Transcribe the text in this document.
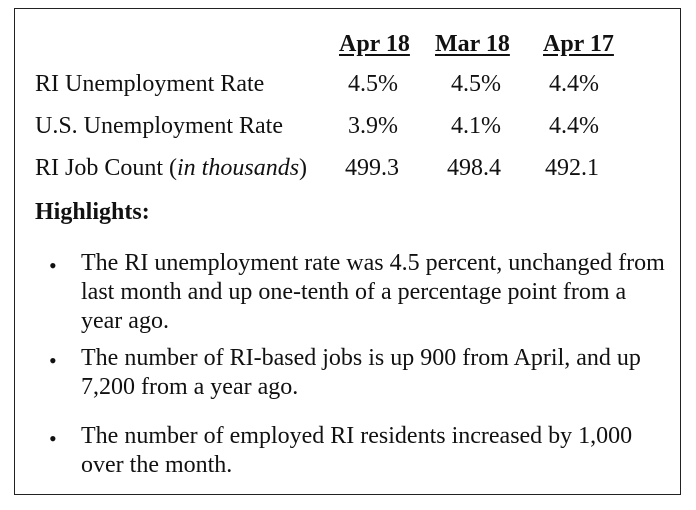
Apr 18 Mar 18 Apr 17
RI Unemployment Rate	4.5% 4.5% 4.4%
U.S. Unemployment Rate	3.9% 4.1% 4.4%
RI Job Count (in thousands) 499.3 498.4 492.1
Highlights:
• The RI unemployment rate was 4.5 percent, unchanged from last month and up one-tenth of a percentage point from a year ago.
• The number of RI-based jobs is up 900 from April, and up 7,200 from a year ago.
• The number of employed RI residents increased by 1,000 over the month.
